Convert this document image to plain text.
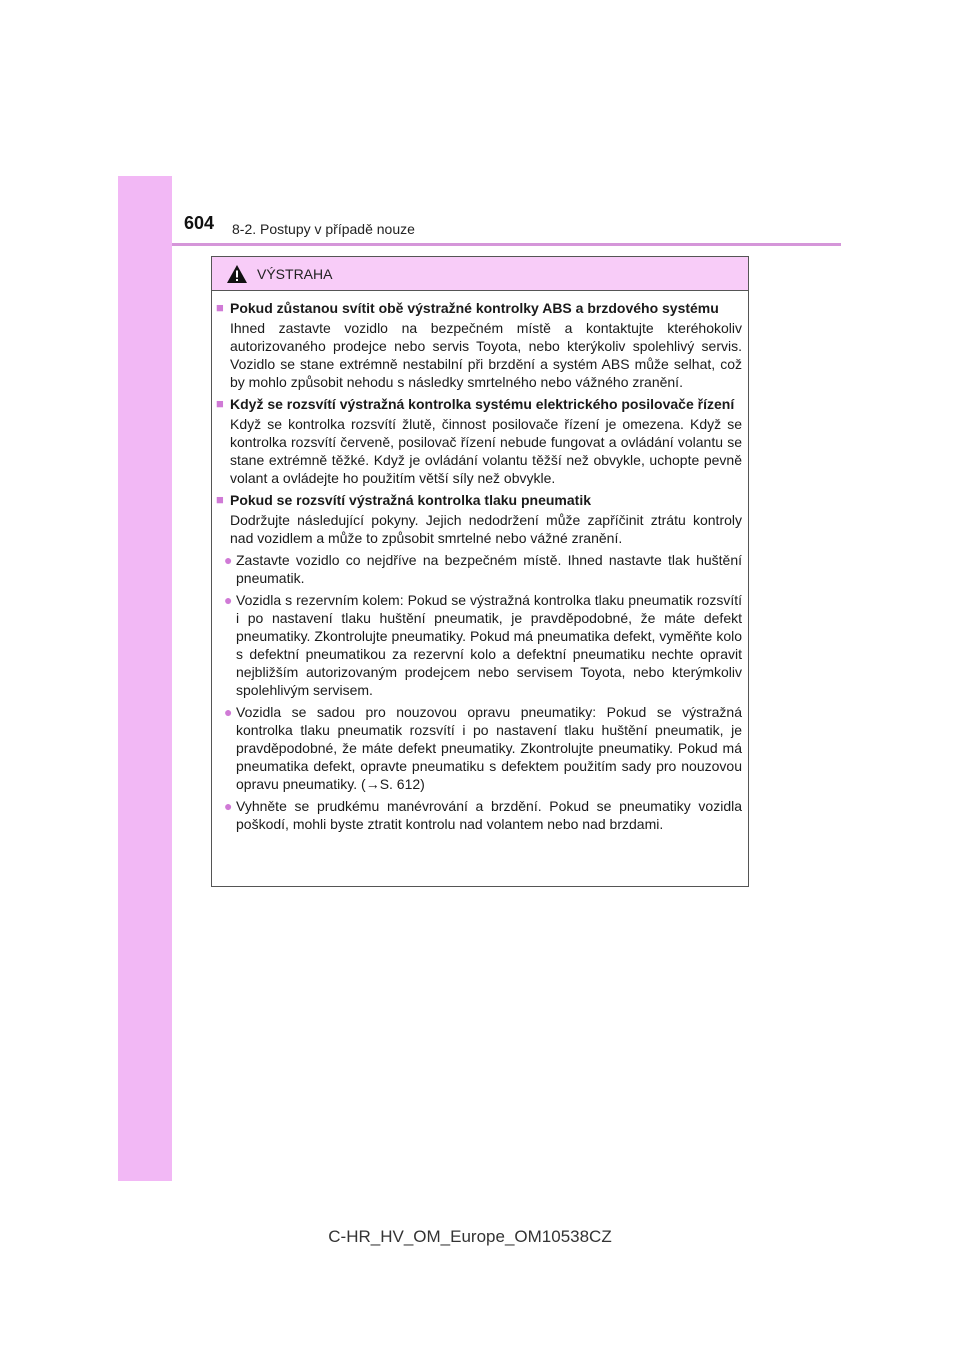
604 8-2. Postupy v případě nouze
VÝSTRAHA
■ Pokud zůstanou svítit obě výstražné kontrolky ABS a brzdového systému
Ihned zastavte vozidlo na bezpečném místě a kontaktujte kteréhokoliv autorizovaného prodejce nebo servis Toyota, nebo kterýkoliv spolehlivý servis. Vozidlo se stane extrémně nestabilní při brzdění a systém ABS může selhat, což by mohlo způsobit nehodu s následky smrtelného nebo vážného zranění.
■ Když se rozsvítí výstražná kontrolka systému elektrického posilovače řízení
Když se kontrolka rozsvítí žlutě, činnost posilovače řízení je omezena. Když se kontrolka rozsvítí červeně, posilovač řízení nebude fungovat a ovládání volantu se stane extrémně těžké. Když je ovládání volantu těžší než obvykle, uchopte pevně volant a ovládejte ho použitím větší síly než obvykle.
■ Pokud se rozsvítí výstražná kontrolka tlaku pneumatik
Dodržujte následující pokyny. Jejich nedodržení může zapříčinit ztrátu kontroly nad vozidlem a může to způsobit smrtelné nebo vážné zranění.
● Zastavte vozidlo co nejdříve na bezpečném místě. Ihned nastavte tlak huštění pneumatik.
● Vozidla s rezervním kolem: Pokud se výstražná kontrolka tlaku pneumatik rozsvítí i po nastavení tlaku huštění pneumatik, je pravděpodobné, že máte defekt pneumatiky. Zkontrolujte pneumatiky. Pokud má pneumatika defekt, vyměňte kolo s defektní pneumatikou za rezervní kolo a defektní pneumatiku nechte opravit nejbližším autorizovaným prodejcem nebo servisem Toyota, nebo kterýmkoliv spolehlivým servisem.
● Vozidla se sadou pro nouzovou opravu pneumatiky: Pokud se výstražná kontrolka tlaku pneumatik rozsvítí i po nastavení tlaku huštění pneumatik, je pravděpodobné, že máte defekt pneumatiky. Zkontrolujte pneumatiky. Pokud má pneumatika defekt, opravte pneumatiku s defektem použitím sady pro nouzovou opravu pneumatiky. (→S. 612)
● Vyhněte se prudkému manévrování a brzdění. Pokud se pneumatiky vozidla poškodí, mohli byste ztratit kontrolu nad volantem nebo nad brzdami.
C-HR_HV_OM_Europe_OM10538CZ
